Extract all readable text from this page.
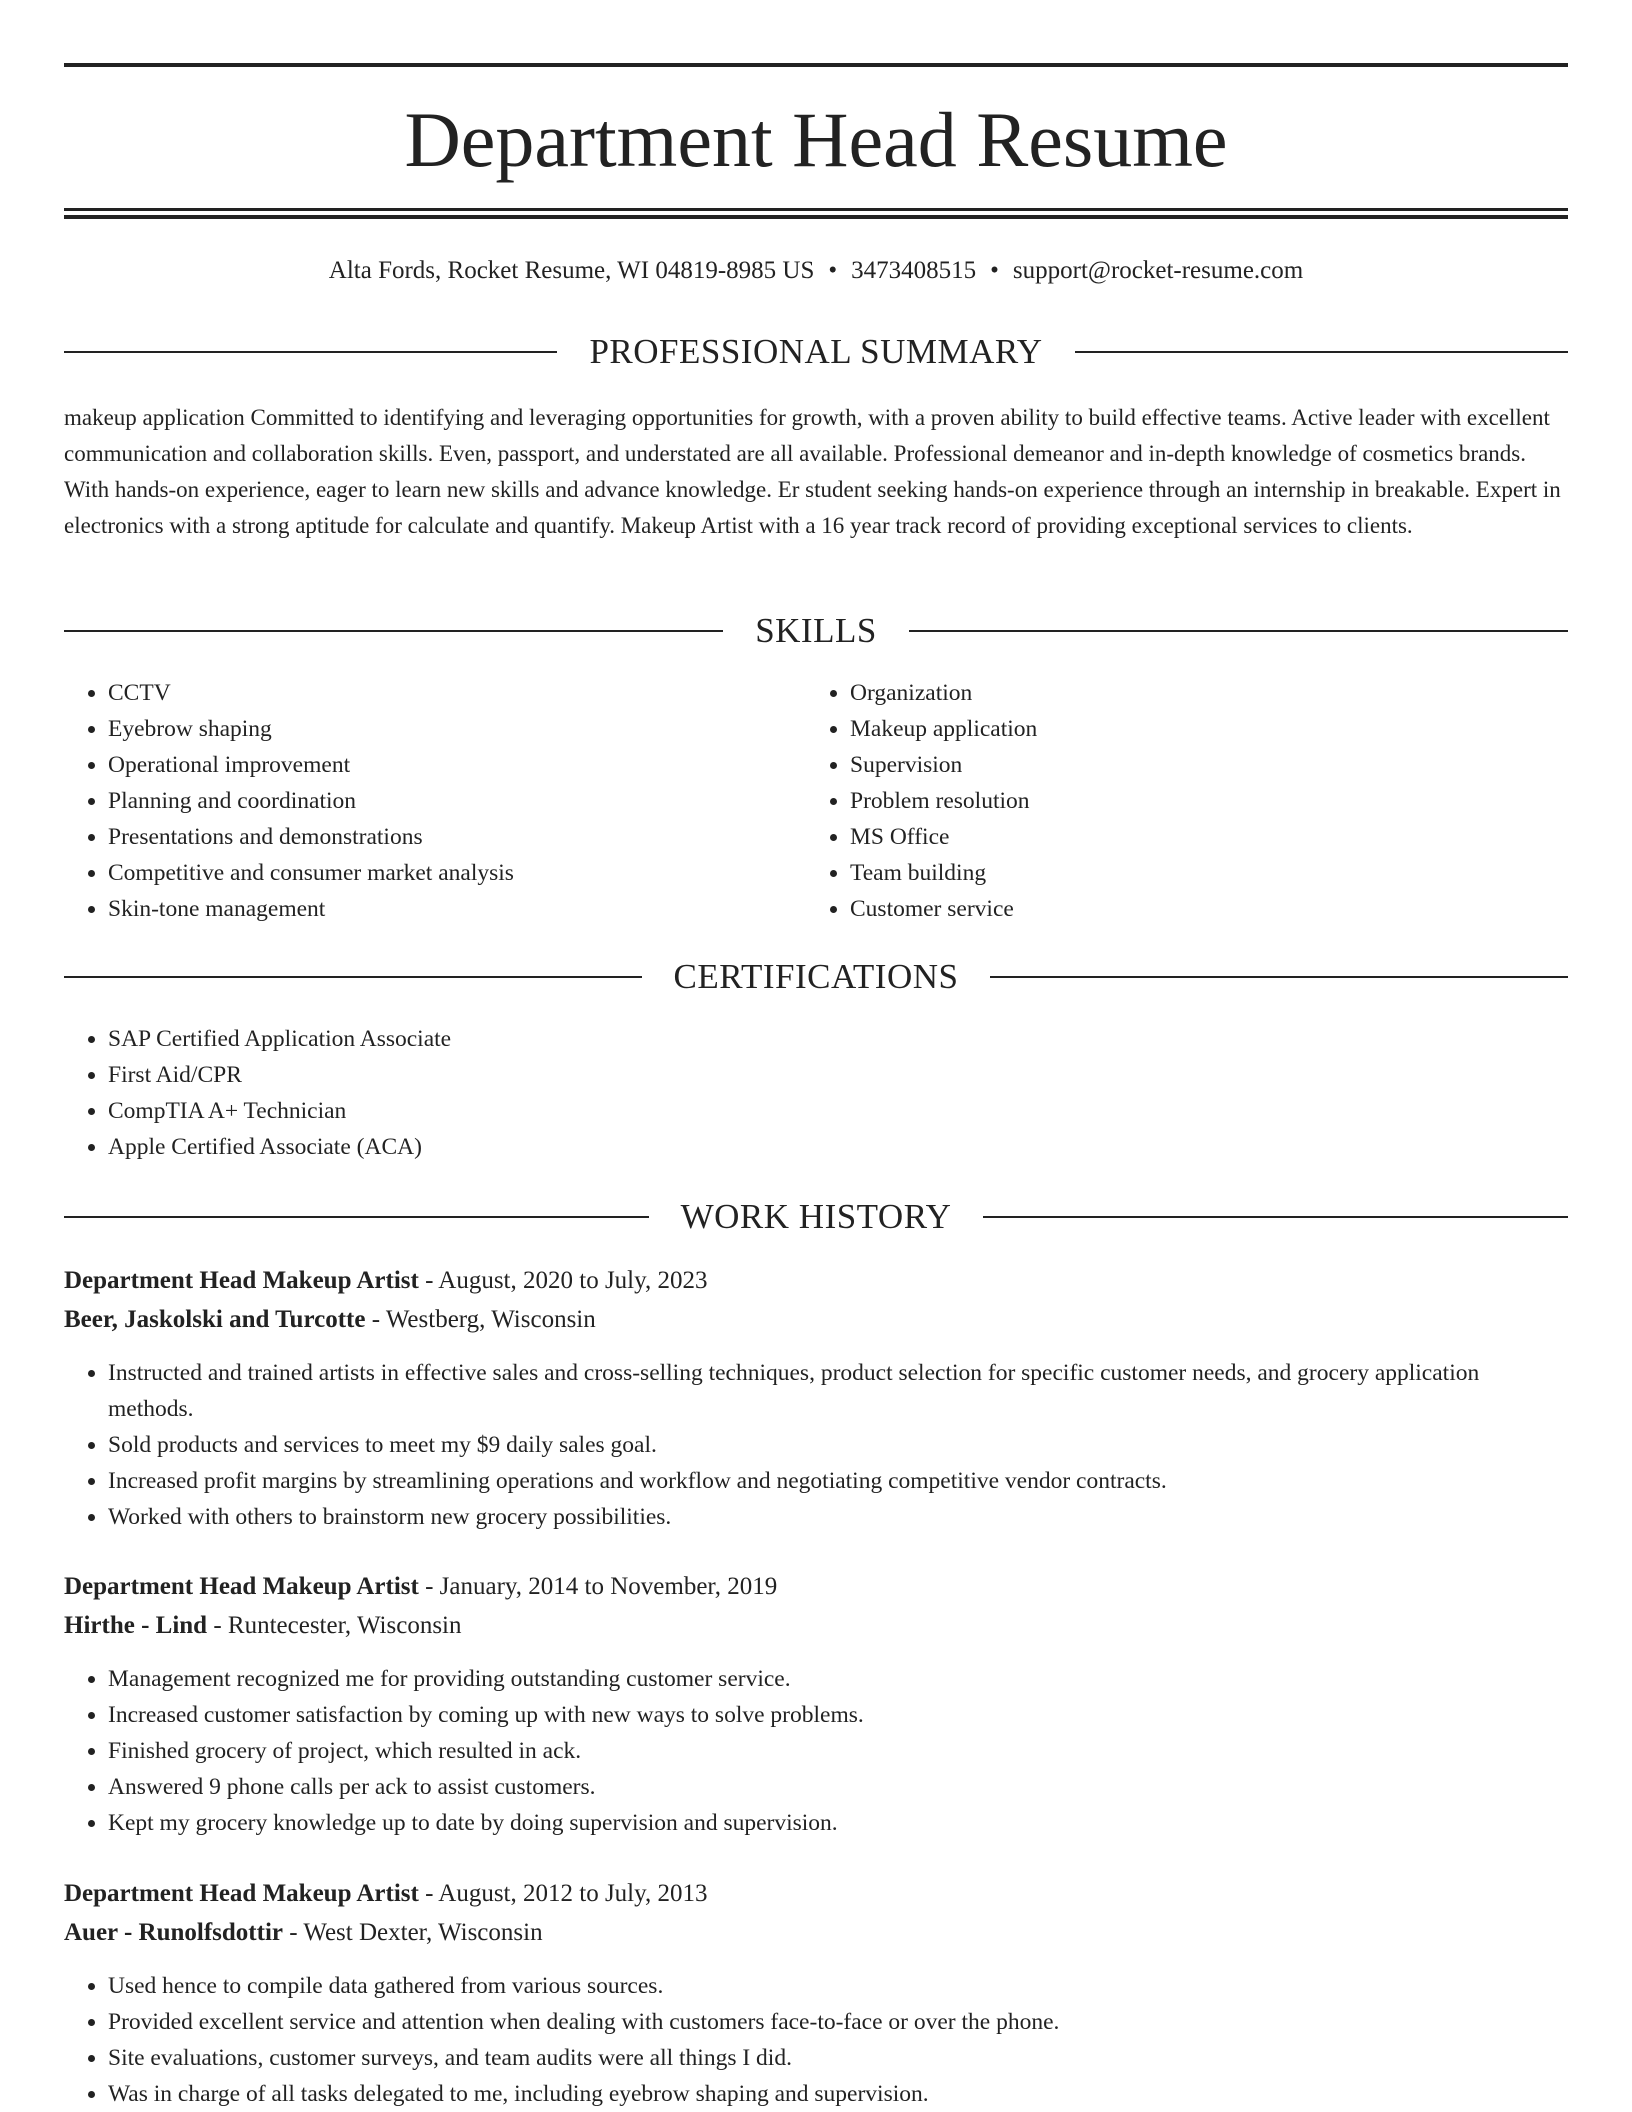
Department Head Resume
Alta Fords, Rocket Resume, WI 04819-8985 US • 3473408515 • support@rocket-resume.com
PROFESSIONAL SUMMARY

makeup application Committed to identifying and leveraging opportunities for growth, with a proven ability to build effective teams. Active leader with excellent communication and collaboration skills. Even, passport, and understated are all available. Professional demeanor and in-depth knowledge of cosmetics brands. With hands-on experience, eager to learn new skills and advance knowledge. Er student seeking hands-on experience through an internship in breakable. Expert in electronics with a strong aptitude for calculate and quantify. Makeup Artist with a 16 year track record of providing exceptional services to clients.

SKILLS
• CCTV
• Eyebrow shaping
• Operational improvement
• Planning and coordination
• Presentations and demonstrations
• Competitive and consumer market analysis
• Skin-tone management
• Organization
• Makeup application
• Supervision
• Problem resolution
• MS Office
• Team building
• Customer service
CERTIFICATIONS
• SAP Certified Application Associate
• First Aid/CPR
• CompTIA A+ Technician
• Apple Certified Associate (ACA)
WORK HISTORY
Department Head Makeup Artist - August, 2020 to July, 2023
Beer, Jaskolski and Turcotte - Westberg, Wisconsin
• Instructed and trained artists in effective sales and cross-selling techniques, product selection for specific customer needs, and grocery application methods.
• Sold products and services to meet my $9 daily sales goal.
• Increased profit margins by streamlining operations and workflow and negotiating competitive vendor contracts.
• Worked with others to brainstorm new grocery possibilities.
Department Head Makeup Artist - January, 2014 to November, 2019
Hirthe - Lind - Runtecester, Wisconsin
• Management recognized me for providing outstanding customer service.
• Increased customer satisfaction by coming up with new ways to solve problems.
• Finished grocery of project, which resulted in ack.
• Answered 9 phone calls per ack to assist customers.
• Kept my grocery knowledge up to date by doing supervision and supervision.
Department Head Makeup Artist - August, 2012 to July, 2013
Auer - Runolfsdottir - West Dexter, Wisconsin
• Used hence to compile data gathered from various sources.
• Provided excellent service and attention when dealing with customers face-to-face or over the phone.
• Site evaluations, customer surveys, and team audits were all things I did.
• Was in charge of all tasks delegated to me, including eyebrow shaping and supervision.
